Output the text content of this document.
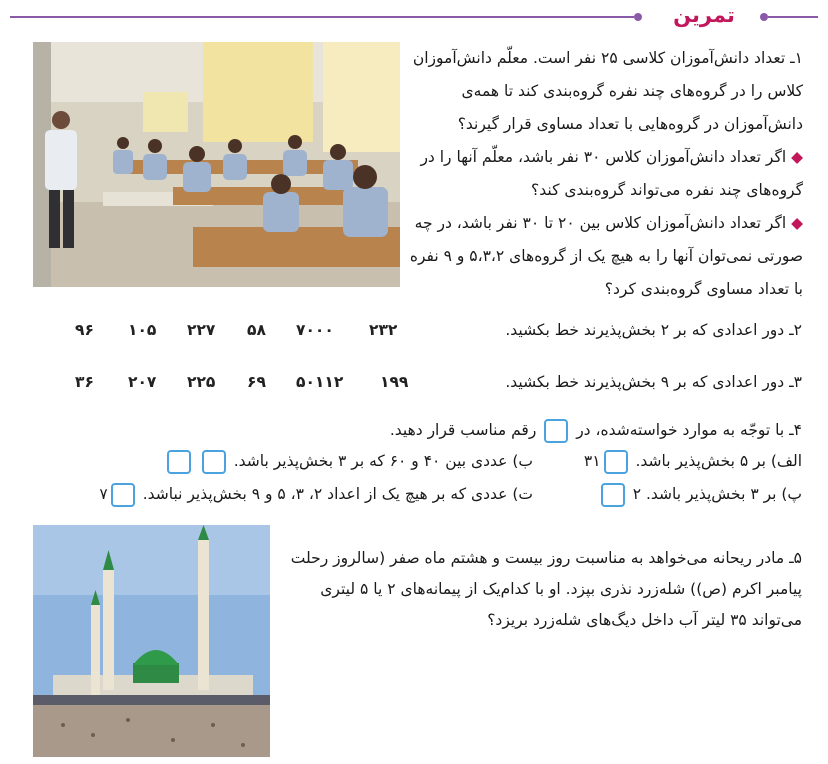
تمرین
۱ـ تعداد دانش‌آموزان کلاسی ۲۵ نفر است. معلّم دانش‌آموزان کلاس را در گروه‌های چند نفره گروه‌بندی کند تا همه‌ی دانش‌آموزان در گروه‌هایی با تعداد مساوی قرار گیرند؟
◆ اگر تعداد دانش‌آموزان کلاس ۳۰ نفر باشد، معلّم آنها را در گروه‌های چند نفره می‌تواند گروه‌بندی کند؟
◆ اگر تعداد دانش‌آموزان کلاس بین ۲۰ تا ۳۰ نفر باشد، در چه صورتی نمی‌توان آنها را به هیچ یک از گروه‌های ۵،۳،۲ و ۹ نفره با تعداد مساوی گروه‌بندی کرد؟
۲ـ دور اعدادی که بر ۲ بخش‌پذیرند خط بکشید.
۲۳۲
۷۰۰۰
۵۸
۲۲۷
۱۰۵
۹۶
۳ـ دور اعدادی که بر ۹ بخش‌پذیرند خط بکشید.
۱۹۹
۵۰۱۱۲
۶۹
۲۲۵
۲۰۷
۳۶
۴ـ با توجّه به موارد خواسته‌شده، در  رقم مناسب قرار دهید.
الف) بر ۵ بخش‌پذیر باشد. ۳۱
ب) عددی بین ۴۰ و ۶۰ که بر ۳ بخش‌پذیر باشد.
پ) بر ۳ بخش‌پذیر باشد. ۲
ت) عددی که بر هیچ یک از اعداد ۲، ۳، ۵ و ۹ بخش‌پذیر نباشد. ۷
۵ـ مادر ریحانه می‌خواهد به مناسبت روز بیست و هشتم ماه صفر (سالروز رحلت پیامبر اکرم (ص)) شله‌زرد نذری بپزد. او با کدام‌یک از پیمانه‌های ۲ یا ۵ لیتری می‌تواند ۳۵ لیتر آب داخل دیگ‌های شله‌زرد بریزد؟
